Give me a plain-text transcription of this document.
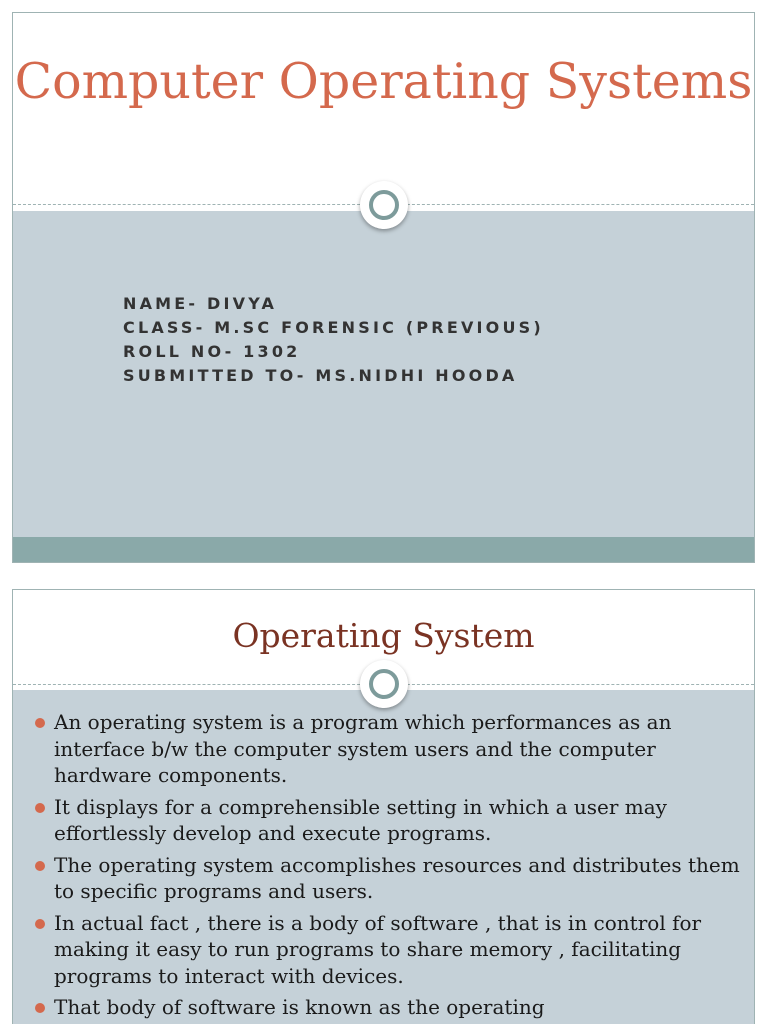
Computer Operating Systems
NAME- DIVYA
CLASS- M.SC FORENSIC (PREVIOUS)
ROLL NO- 1302
SUBMITTED TO- MS.NIDHI HOODA
Operating System
An operating system is a program which performances as an interface b/w the computer system users and the computer hardware components.
It displays for a comprehensible setting in which a user may effortlessly develop and execute programs.
The operating system accomplishes resources and distributes them to specific programs and users.
In actual fact , there is a body of software , that is in control for making it easy to run programs to share memory , facilitating programs to interact with devices.
That body of software is known as the operating
